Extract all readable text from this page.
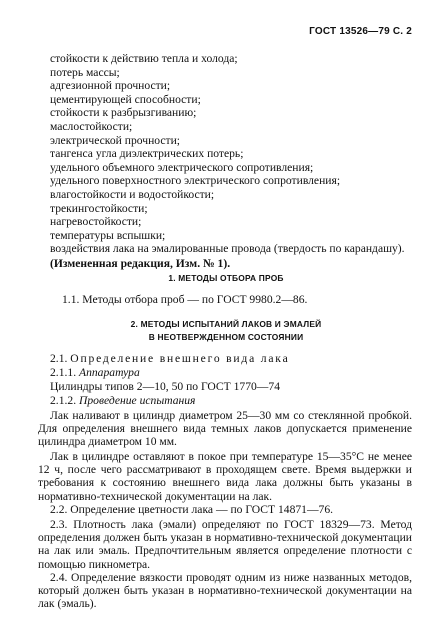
ГОСТ 13526—79 С. 2
стойкости к действию тепла и холода;
потерь массы;
адгезионной прочности;
цементирующей способности;
стойкости к разбрызгиванию;
маслостойкости;
электрической прочности;
тангенса угла диэлектрических потерь;
удельного объемного электрического сопротивления;
удельного поверхностного электрического сопротивления;
влагостойкости и водостойкости;
трекингостойкости;
нагревостойкости;
температуры вспышки;
воздействия лака на эмалированные провода (твердость по карандашу).
(Измененная редакция, Изм. № 1).
1. МЕТОДЫ ОТБОРА ПРОБ
1.1. Методы отбора проб — по ГОСТ 9980.2—86.
2. МЕТОДЫ ИСПЫТАНИЙ ЛАКОВ И ЭМАЛЕЙ
В НЕОТВЕРЖДЕННОМ СОСТОЯНИИ
2.1. Определение внешнего вида лака
2.1.1. Аппаратура
Цилиндры типов 2—10, 50 по ГОСТ 1770—74
2.1.2. Проведение испытания
Лак наливают в цилиндр диаметром 25—30 мм со стеклянной пробкой. Для определения внешнего вида темных лаков допускается применение цилиндра диаметром 10 мм.
Лак в цилиндре оставляют в покое при температуре 15—35°С не менее 12 ч, после чего рассматривают в проходящем свете. Время выдержки и требования к состоянию внешнего вида лака должны быть указаны в нормативно-технической документации на лак.
2.2. Определение цветности лака — по ГОСТ 14871—76.
2.3. Плотность лака (эмали) определяют по ГОСТ 18329—73. Метод определения должен быть указан в нормативно-технической документации на лак или эмаль. Предпочтительным является определение плотности с помощью пикнометра.
2.4. Определение вязкости проводят одним из ниже названных методов, который должен быть указан в нормативно-технической документации на лак (эмаль).
